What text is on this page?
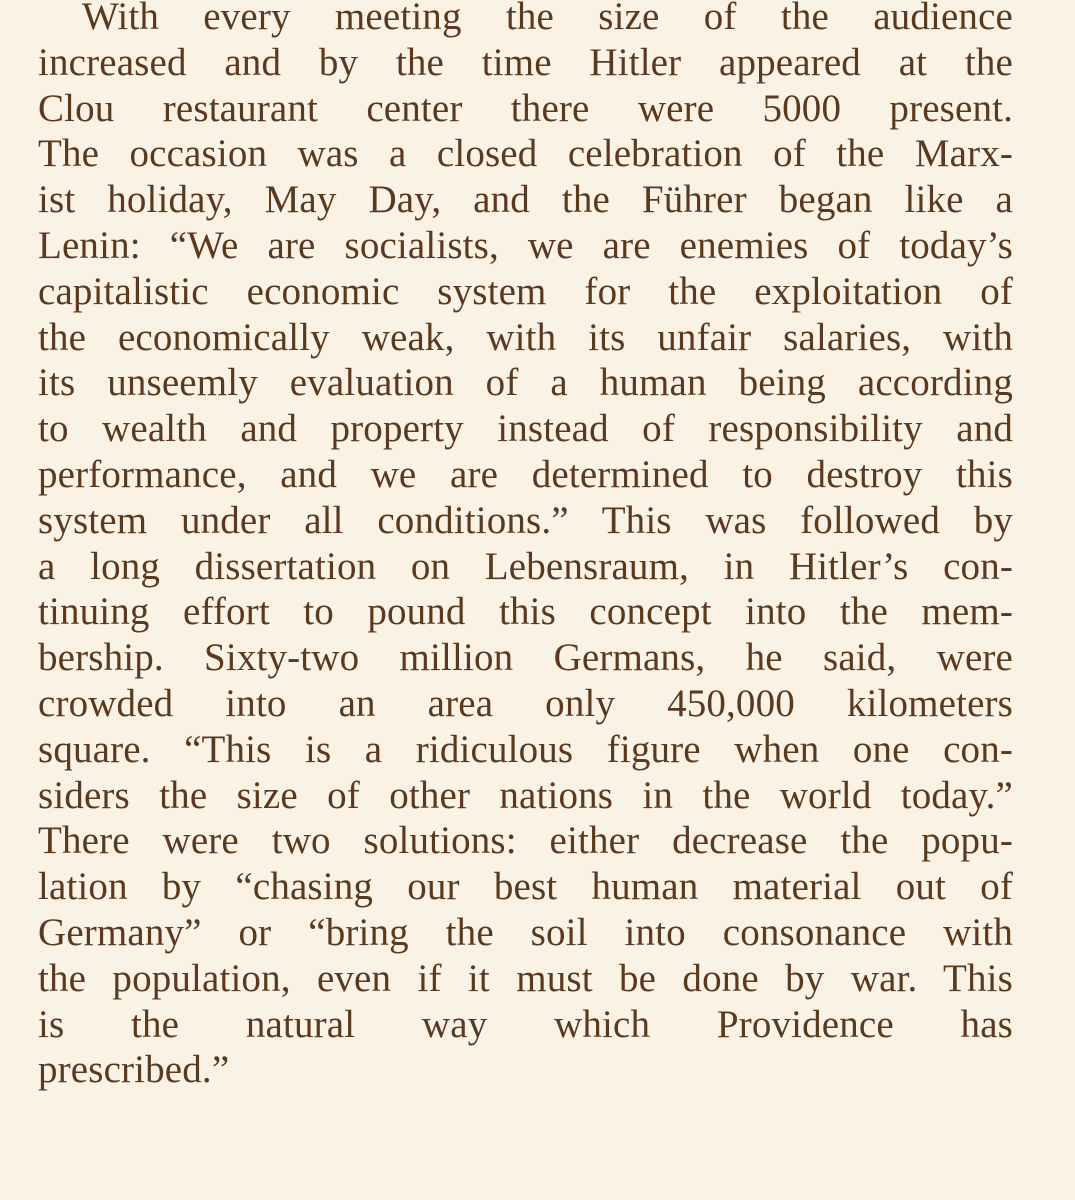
With every meeting the size of the audience
increased and by the time Hitler appeared at the
Clou restaurant center there were 5000 present.
The occasion was a closed celebration of the Marx-
ist holiday, May Day, and the Führer began like a
Lenin: “We are socialists, we are enemies of today’s
capitalistic economic system for the exploitation of
the economically weak, with its unfair salaries, with
its unseemly evaluation of a human being according
to wealth and property instead of responsibility and
performance, and we are determined to destroy this
system under all conditions.” This was followed by
a long dissertation on Lebensraum, in Hitler’s con-
tinuing effort to pound this concept into the mem-
bership. Sixty-two million Germans, he said, were
crowded into an area only 450,000 kilometers
square. “This is a ridiculous figure when one con-
siders the size of other nations in the world today.”
There were two solutions: either decrease the popu-
lation by “chasing our best human material out of
Germany” or “bring the soil into consonance with
the population, even if it must be done by war. This
is the natural way which Providence has
prescribed.”
